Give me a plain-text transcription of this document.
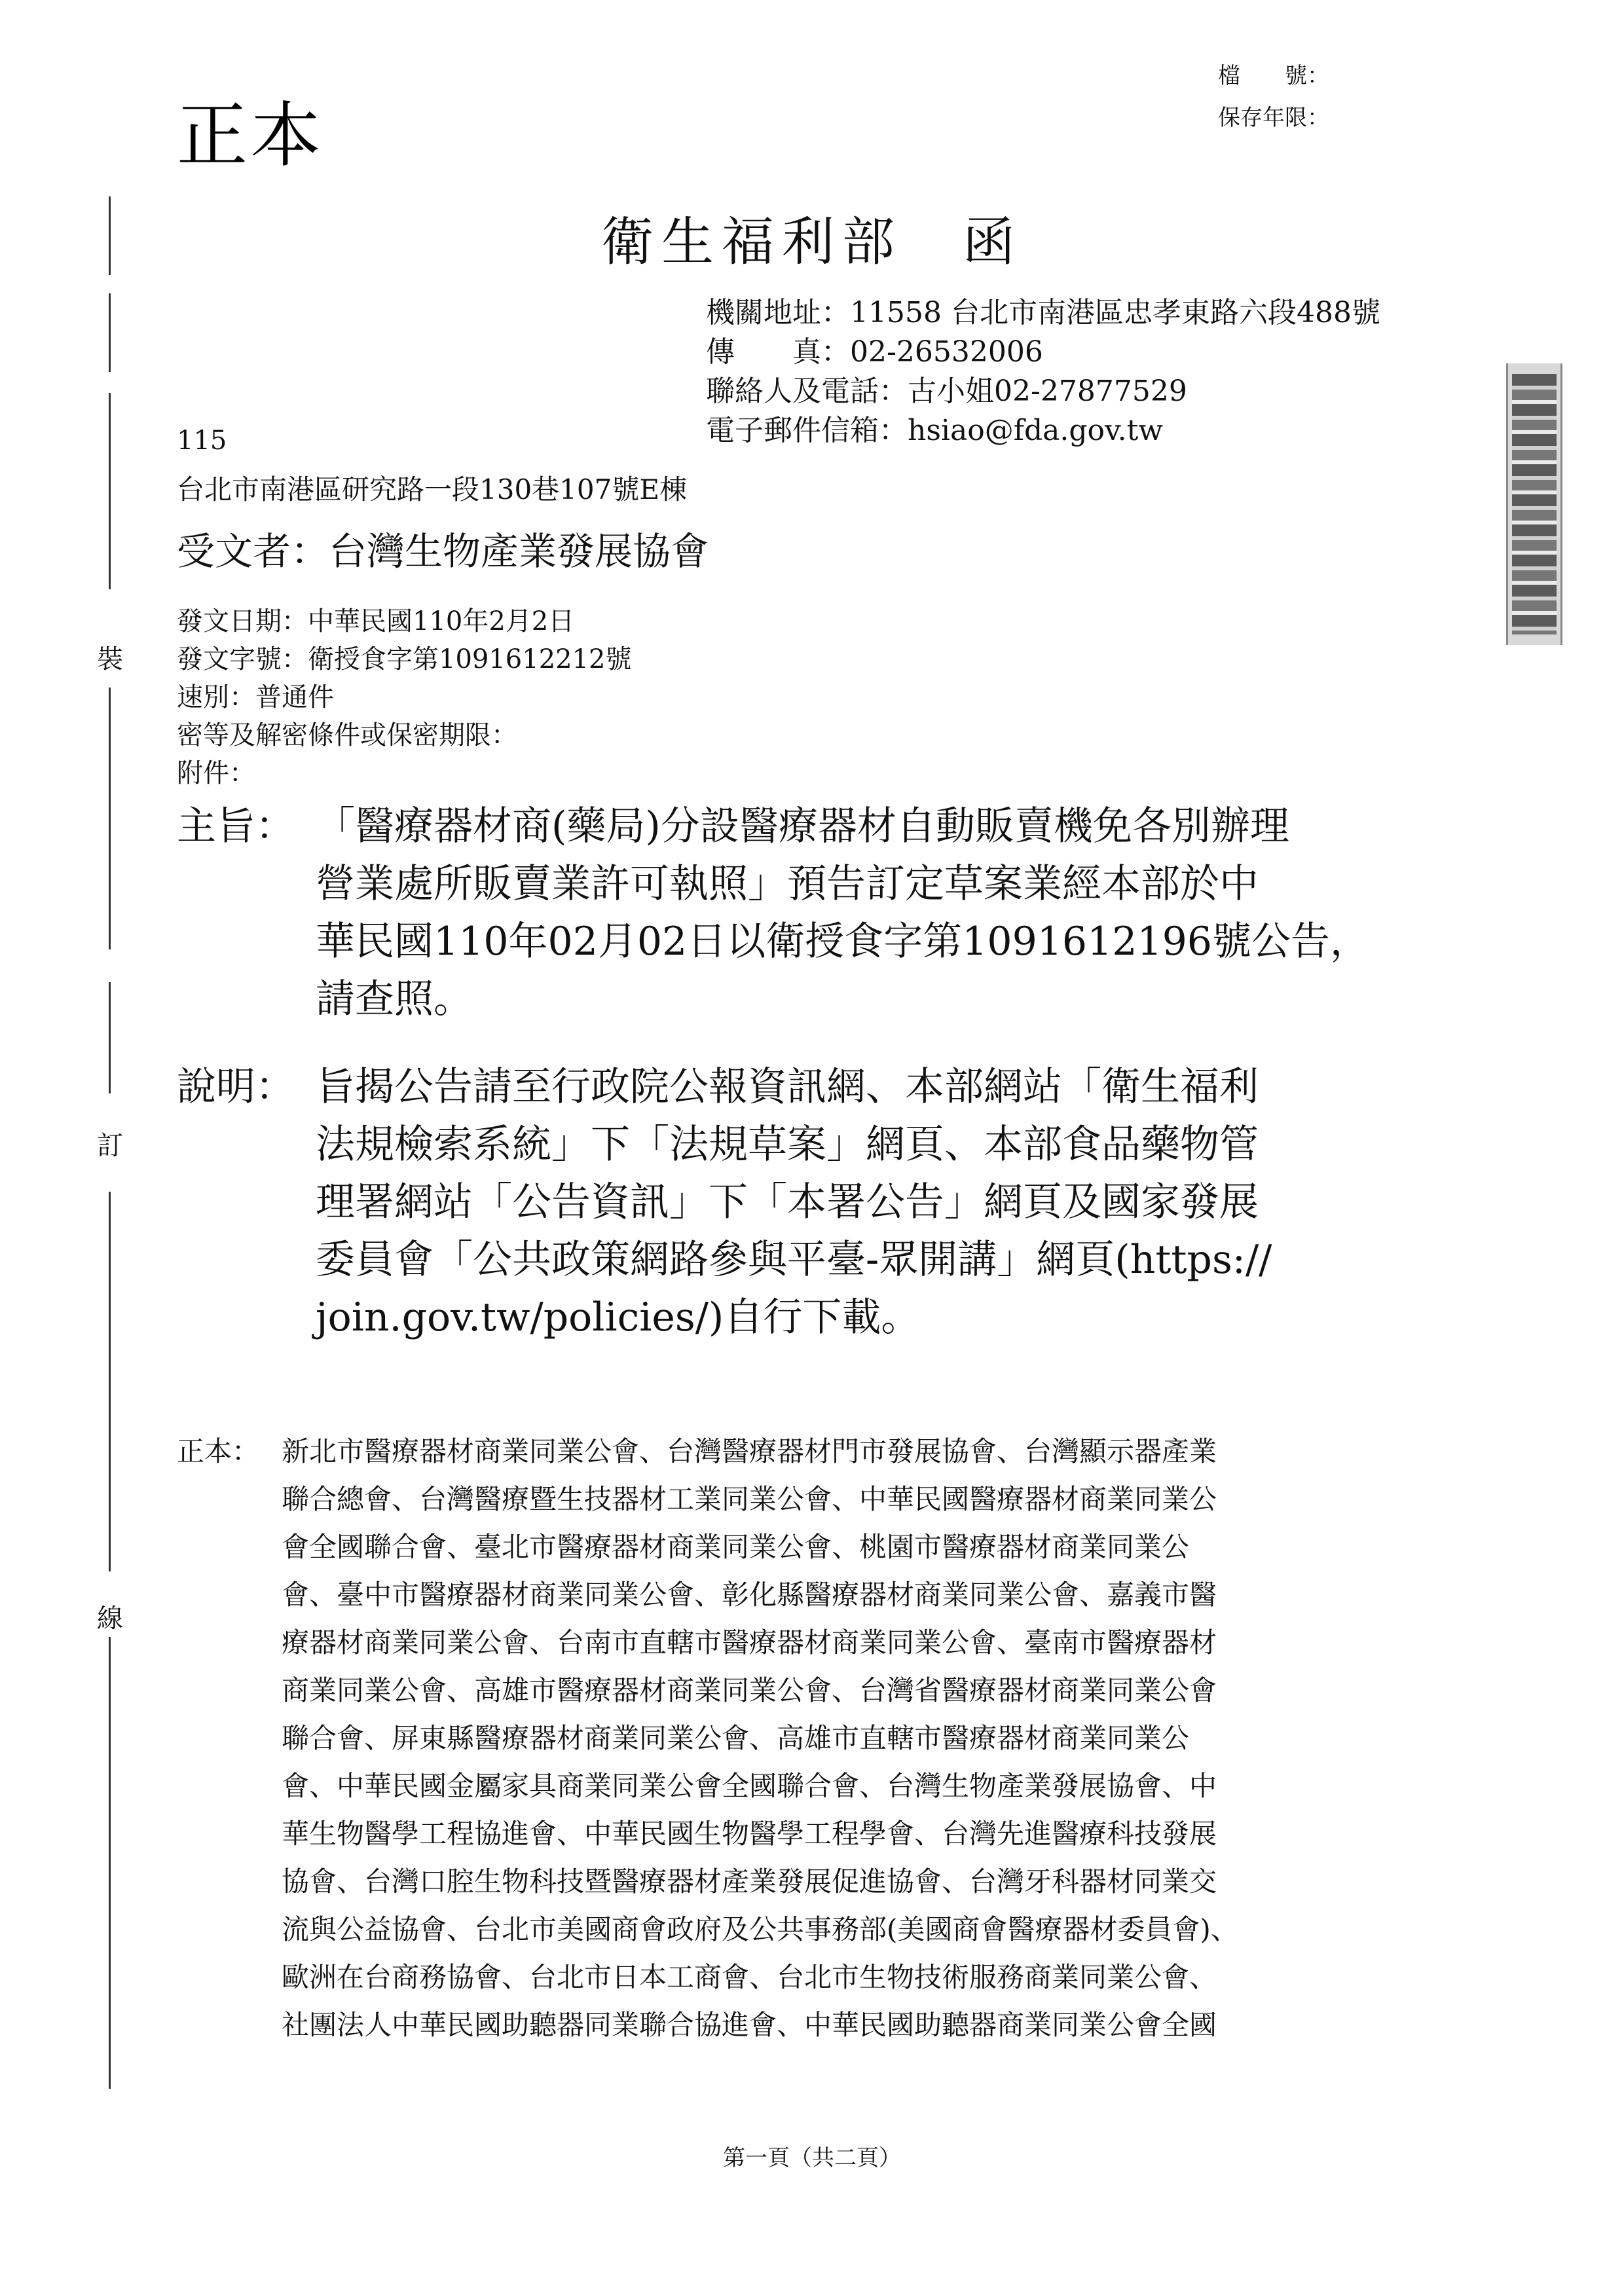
正本
檔　　號：
保存年限：
衛生福利部　函
機關地址：11558 台北市南港區忠孝東路六段488號
傳　　真：02-26532006
聯絡人及電話：古小姐02-27877529
電子郵件信箱：hsiao@fda.gov.tw
115
台北市南港區研究路一段130巷107號E棟
受文者：台灣生物產業發展協會
發文日期：中華民國110年2月2日
發文字號：衛授食字第1091612212號
速別：普通件
密等及解密條件或保密期限：
附件：
主旨： 「醫療器材商(藥局)分設醫療器材自動販賣機免各別辦理
營業處所販賣業許可執照」預告訂定草案業經本部於中
華民國110年02月02日以衛授食字第1091612196號公告，
請查照。
說明： 旨揭公告請至行政院公報資訊網、本部網站「衛生福利
法規檢索系統」下「法規草案」網頁、本部食品藥物管
理署網站「公告資訊」下「本署公告」網頁及國家發展
委員會「公共政策網路參與平臺-眾開講」網頁(https://
join.gov.tw/policies/)自行下載。
正本： 新北市醫療器材商業同業公會、台灣醫療器材門市發展協會、台灣顯示器產業
聯合總會、台灣醫療暨生技器材工業同業公會、中華民國醫療器材商業同業公
會全國聯合會、臺北市醫療器材商業同業公會、桃園市醫療器材商業同業公
會、臺中市醫療器材商業同業公會、彰化縣醫療器材商業同業公會、嘉義市醫
療器材商業同業公會、台南市直轄市醫療器材商業同業公會、臺南市醫療器材
商業同業公會、高雄市醫療器材商業同業公會、台灣省醫療器材商業同業公會
聯合會、屏東縣醫療器材商業同業公會、高雄市直轄市醫療器材商業同業公
會、中華民國金屬家具商業同業公會全國聯合會、台灣生物產業發展協會、中
華生物醫學工程協進會、中華民國生物醫學工程學會、台灣先進醫療科技發展
協會、台灣口腔生物科技暨醫療器材產業發展促進協會、台灣牙科器材同業交
流與公益協會、台北市美國商會政府及公共事務部(美國商會醫療器材委員會)、
歐洲在台商務協會、台北市日本工商會、台北市生物技術服務商業同業公會、
社團法人中華民國助聽器同業聯合協進會、中華民國助聽器商業同業公會全國
裝
訂
線
第一頁（共二頁）
